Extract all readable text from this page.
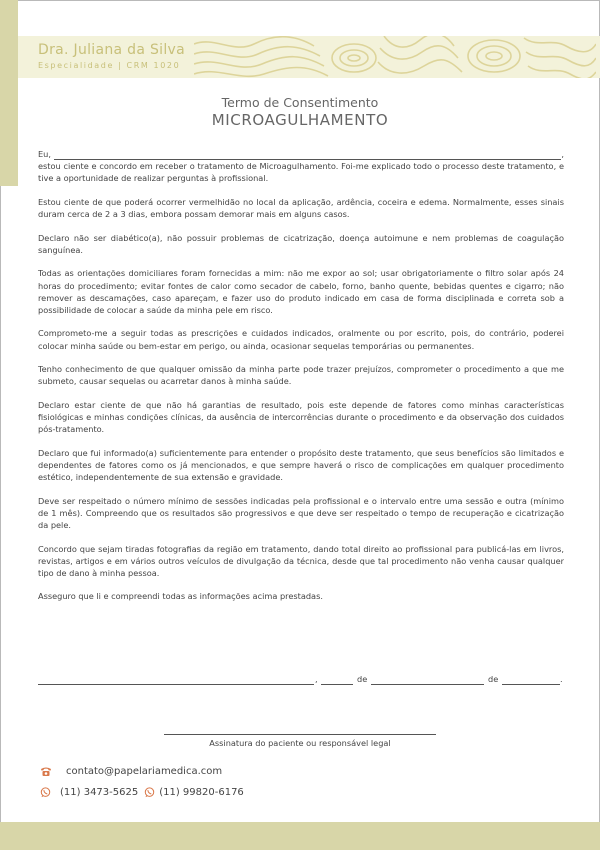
Dra. Juliana da Silva
Especialidade | CRM 1020
Termo de Consentimento
MICROAGULHAMENTO

Eu,	,

estou ciente e concordo em receber o tratamento de Microagulhamento. Foi-me explicado todo o processo deste tratamento, e tive a oportunidade de realizar perguntas à profissional.

Estou ciente de que poderá ocorrer vermelhidão no local da aplicação, ardência, coceira e edema. Normalmente, esses sinais duram cerca de 2 a 3 dias, embora possam demorar mais em alguns casos.

Declaro não ser diabético(a), não possuir problemas de cicatrização, doença autoimune e nem problemas de coagulação sanguínea.

Todas as orientações domiciliares foram fornecidas a mim: não me expor ao sol; usar obrigatoriamente o filtro solar após 24 horas do procedimento; evitar fontes de calor como secador de cabelo, forno, banho quente, bebidas quentes e cigarro; não remover as descamações, caso apareçam, e fazer uso do produto indicado em casa de forma disciplinada e correta sob a possibilidade de colocar a saúde da minha pele em risco.

Comprometo-me a seguir todas as prescrições e cuidados indicados, oralmente ou por escrito, pois, do contrário, poderei colocar minha saúde ou bem-estar em perigo, ou ainda, ocasionar sequelas temporárias ou permanentes.

Tenho conhecimento de que qualquer omissão da minha parte pode trazer prejuízos, comprometer o procedimento a que me submeto, causar sequelas ou acarretar danos à minha saúde.

Declaro estar ciente de que não há garantias de resultado, pois este depende de fatores como minhas características fisiológicas e minhas condições clínicas, da ausência de intercorrências durante o procedimento e da observação dos cuidados pós-tratamento.

Declaro que fui informado(a) suficientemente para entender o propósito deste tratamento, que seus benefícios são limitados e dependentes de fatores como os já mencionados, e que sempre haverá o risco de complicações em qualquer procedimento estético, independentemente de sua extensão e gravidade.

Deve ser respeitado o número mínimo de sessões indicadas pela profissional e o intervalo entre uma sessão e outra (mínimo de 1 mês). Compreendo que os resultados são progressivos e que deve ser respeitado o tempo de recuperação e cicatrização da pele.

Concordo que sejam tiradas fotografias da região em tratamento, dando total direito ao profissional para publicá-las em livros, revistas, artigos e em vários outros veículos de divulgação da técnica, desde que tal procedimento não venha causar qualquer tipo de dano à minha pessoa.

Asseguro que li e compreendi todas as informações acima prestadas.

,	de	de	.
Assinatura do paciente ou responsável legal
contato@papelariamedica.com
(11) 3473-5625 (11) 99820-6176
